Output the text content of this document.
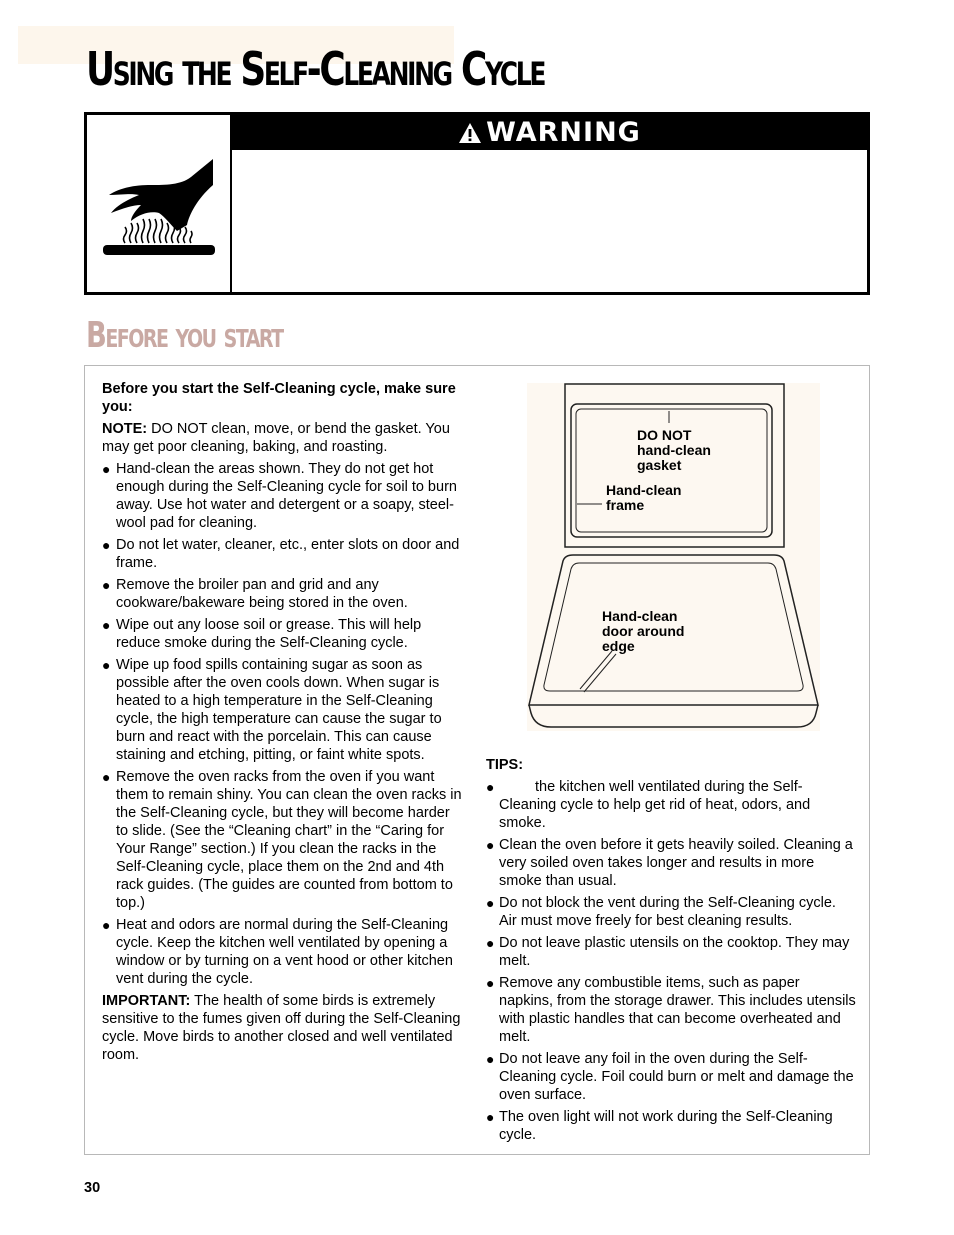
Using the Self-Cleaning Cycle
WARNING
Before you start

Before you start the Self-Cleaning cycle, make sure you:

NOTE: DO NOT clean, move, or bend the gasket. You may get poor cleaning, baking, and roasting.

● Hand-clean the areas shown. They do not get hot enough during the Self-Cleaning cycle for soil to burn away. Use hot water and detergent or a soapy, steel-wool pad for cleaning.
● Do not let water, cleaner, etc., enter slots on door and frame.
● Remove the broiler pan and grid and any cookware/bakeware being stored in the oven.
● Wipe out any loose soil or grease. This will help reduce smoke during the Self-Cleaning cycle.
● Wipe up food spills containing sugar as soon as possible after the oven cools down. When sugar is heated to a high temperature in the Self-Cleaning cycle, the high temperature can cause the sugar to burn and react with the porcelain. This can cause staining and etching, pitting, or faint white spots.
● Remove the oven racks from the oven if you want them to remain shiny. You can clean the oven racks in the Self-Cleaning cycle, but they will become harder to slide. (See the “Cleaning chart” in the “Caring for Your Range” section.) If you clean the racks in the Self-Cleaning cycle, place them on the 2nd and 4th rack guides. (The guides are counted from bottom to top.)
● Heat and odors are normal during the Self-Cleaning cycle. Keep the kitchen well ventilated by opening a window or by turning on a vent hood or other kitchen vent during the cycle.

IMPORTANT: The health of some birds is extremely sensitive to the fumes given off during the Self-Cleaning cycle. Move birds to another closed and well ventilated room.

DO NOT
hand-clean
gasket

Hand-clean
frame

Hand-clean
door around
edge

TIPS:

●	the kitchen well ventilated during the Self-Cleaning cycle to help get rid of heat, odors, and smoke.
● Clean the oven before it gets heavily soiled. Cleaning a very soiled oven takes longer and results in more smoke than usual.
● Do not block the vent during the Self-Cleaning cycle. Air must move freely for best cleaning results.
● Do not leave plastic utensils on the cooktop. They may melt.
● Remove any combustible items, such as paper napkins, from the storage drawer. This includes utensils with plastic handles that can become overheated and melt.
● Do not leave any foil in the oven during the Self-Cleaning cycle. Foil could burn or melt and damage the oven surface.
● The oven light will not work during the Self-Cleaning cycle.

30
